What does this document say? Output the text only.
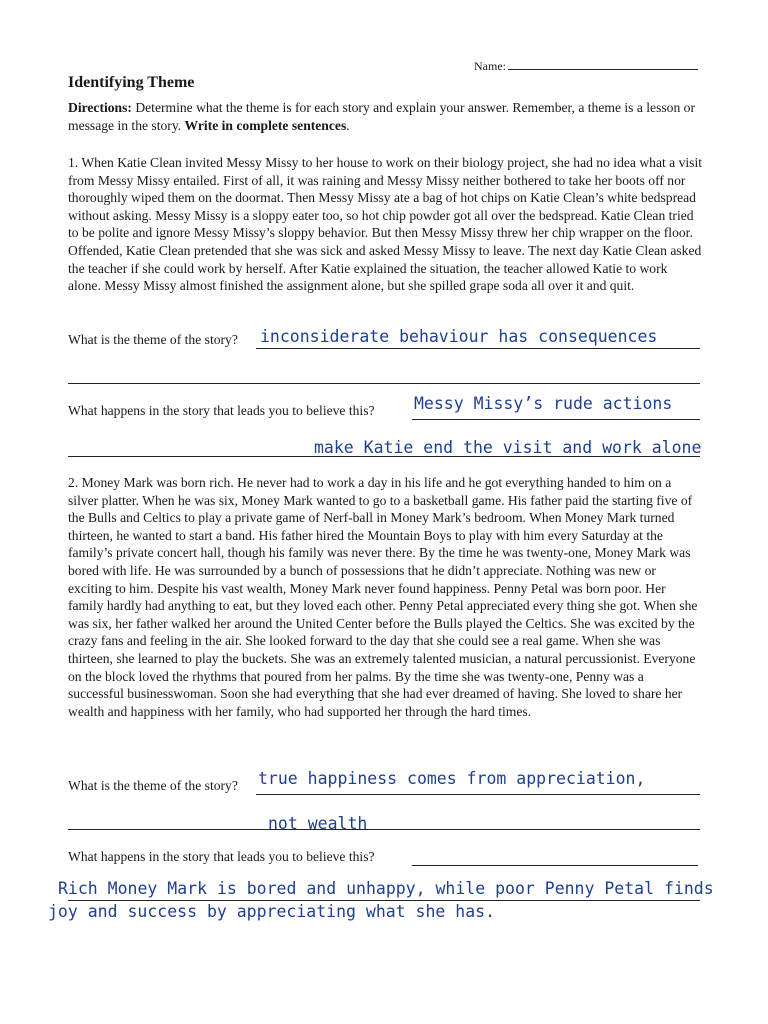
Name:
Identifying Theme

Directions: Determine what the theme is for each story and explain your answer. Remember, a theme is a lesson or message in the story. Write in complete sentences.

1. When Katie Clean invited Messy Missy to her house to work on their biology project, she had no idea what a visit from Messy Missy entailed. First of all, it was raining and Messy Missy neither bothered to take her boots off nor thoroughly wiped them on the doormat. Then Messy Missy ate a bag of hot chips on Katie Clean’s white bedspread without asking. Messy Missy is a sloppy eater too, so hot chip powder got all over the bedspread. Katie Clean tried to be polite and ignore Messy Missy’s sloppy behavior. But then Messy Missy threw her chip wrapper on the floor. Offended, Katie Clean pretended that she was sick and asked Messy Missy to leave. The next day Katie Clean asked the teacher if she could work by herself. After Katie explained the situation, the teacher allowed Katie to work alone. Messy Missy almost finished the assignment alone, but she spilled grape soda all over it and quit.

What is the theme of the story? inconsiderate behaviour has consequences
What happens in the story that leads you to believe this? Messy Missy’s rude actions
make Katie end the visit and work alone

2. Money Mark was born rich. He never had to work a day in his life and he got everything handed to him on a silver platter. When he was six, Money Mark wanted to go to a basketball game. His father paid the starting five of the Bulls and Celtics to play a private game of Nerf-ball in Money Mark’s bedroom. When Money Mark turned thirteen, he wanted to start a band. His father hired the Mountain Boys to play with him every Saturday at the family’s private concert hall, though his family was never there. By the time he was twenty-one, Money Mark was bored with life. He was surrounded by a bunch of possessions that he didn’t appreciate. Nothing was new or exciting to him. Despite his vast wealth, Money Mark never found happiness. Penny Petal was born poor. Her family hardly had anything to eat, but they loved each other. Penny Petal appreciated every thing she got. When she was six, her father walked her around the United Center before the Bulls played the Celtics. She was excited by the crazy fans and feeling in the air. She looked forward to the day that she could see a real game. When she was thirteen, she learned to play the buckets. She was an extremely talented musician, a natural percussionist. Everyone on the block loved the rhythms that poured from her palms. By the time she was twenty-one, Penny was a successful businesswoman. Soon she had everything that she had ever dreamed of having. She loved to share her wealth and happiness with her family, who had supported her through the hard times.

What is the theme of the story? true happiness comes from appreciation,
not wealth
What happens in the story that leads you to believe this?
Rich Money Mark is bored and unhappy, while poor Penny Petal finds
joy and success by appreciating what she has.
